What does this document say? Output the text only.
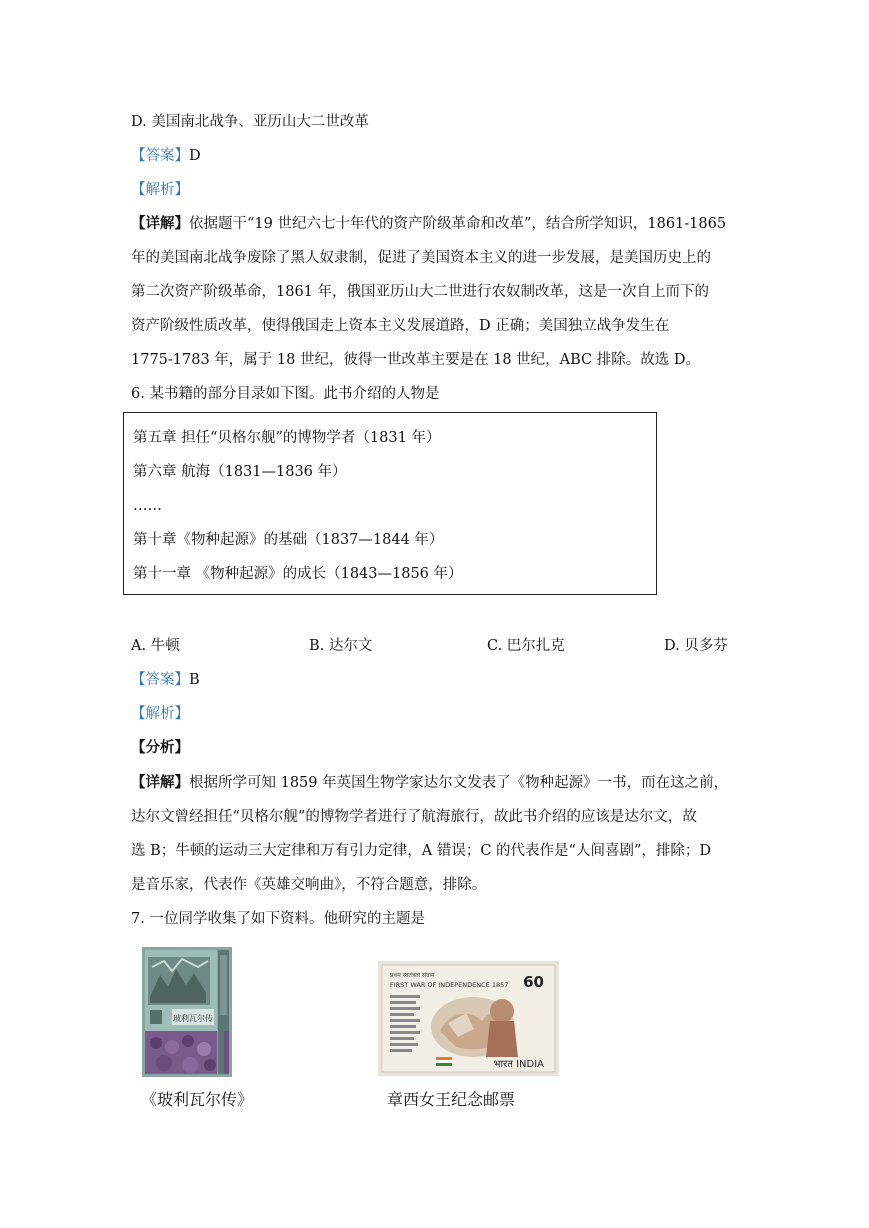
D. 美国南北战争、亚历山大二世改革
【答案】D
【解析】
【详解】依据题干“19 世纪六七十年代的资产阶级革命和改革”，结合所学知识，1861-1865
年的美国南北战争废除了黑人奴隶制，促进了美国资本主义的进一步发展，是美国历史上的
第二次资产阶级革命，1861 年，俄国亚历山大二世进行农奴制改革，这是一次自上而下的
资产阶级性质改革，使得俄国走上资本主义发展道路，D 正确；美国独立战争发生在
1775-1783 年，属于 18 世纪，彼得一世改革主要是在 18 世纪，ABC 排除。故选 D。
6. 某书籍的部分目录如下图。此书介绍的人物是
第五章 担任“贝格尔舰”的博物学者（1831 年）
第六章 航海（1831—1836 年）
……
第十章《物种起源》的基础（1837—1844 年）
第十一章 《物种起源》的成长（1843—1856 年）
A. 牛顿	B. 达尔文	C. 巴尔扎克	D. 贝多芬
【答案】B
【解析】
【分析】
【详解】根据所学可知 1859 年英国生物学家达尔文发表了《物种起源》一书，而在这之前，
达尔文曾经担任“贝格尔舰”的博物学者进行了航海旅行，故此书介绍的应该是达尔文，故
选 B；牛顿的运动三大定律和万有引力定律，A 错误；C 的代表作是“人间喜剧”，排除；D
是音乐家，代表作《英雄交响曲》，不符合题意，排除。
7. 一位同学收集了如下资料。他研究的主题是
玻利瓦尔传
《玻利瓦尔传》
प्रथम स्वतंत्रता संग्राम
FIRST WAR OF INDEPENDENCE 1857 60
भारत INDIA
章西女王纪念邮票
